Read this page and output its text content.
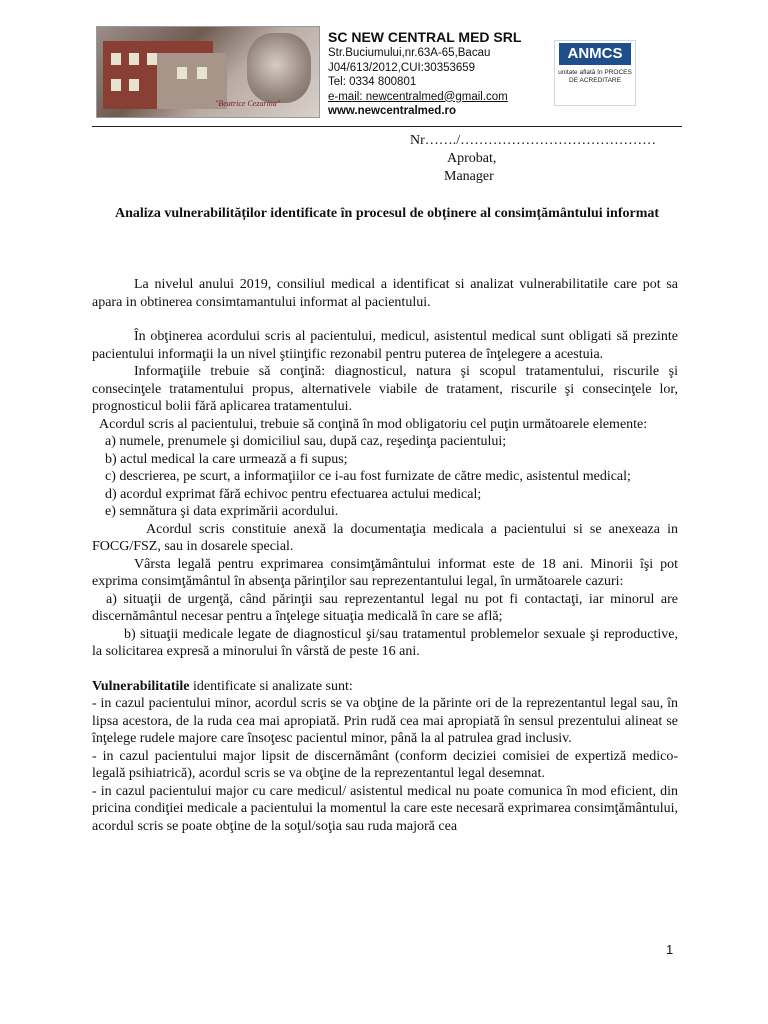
"Beatrice Cezarina"
SC NEW CENTRAL MED SRL
Str.Buciumului,nr.63A-65,Bacau
J04/613/2012,CUI:30353659
Tel: 0334 800801
e-mail: newcentralmed@gmail.com
www.newcentralmed.ro
ANMCS
unitate aflată în PROCES DE ACREDITARE
Nr……./……………………………………
Aprobat,
Manager
Analiza vulnerabilităților identificate în procesul de obținere al consimțământului informat

La nivelul anului 2019, consiliul medical a identificat si analizat vulnerabilitatile care pot sa apara in obtinerea consimtamantului informat al pacientului.

În obţinerea acordului scris al pacientului, medicul, asistentul medical sunt obligati să prezinte pacientului informaţii la un nivel ştiinţific rezonabil pentru puterea de înţelegere a acestuia.

Informaţiile trebuie să conţină: diagnosticul, natura şi scopul tratamentului, riscurile şi consecinţele tratamentului propus, alternativele viabile de tratament, riscurile şi consecinţele lor, prognosticul bolii fără aplicarea tratamentului.

Acordul scris al pacientului, trebuie să conţină în mod obligatoriu cel puţin următoarele elemente:

a) numele, prenumele şi domiciliul sau, după caz, reşedinţa pacientului;

b) actul medical la care urmează a fi supus;

c) descrierea, pe scurt, a informaţiilor ce i-au fost furnizate de către medic, asistentul medical;

d) acordul exprimat fără echivoc pentru efectuarea actului medical;

e) semnătura şi data exprimării acordului.

Acordul scris constituie anexă la documentaţia medicala a pacientului si se anexeaza in FOCG/FSZ, sau in dosarele special.

Vârsta legală pentru exprimarea consimţământului informat este de 18 ani. Minorii îşi pot exprima consimţământul în absenţa părinţilor sau reprezentantului legal, în următoarele cazuri:

a) situaţii de urgenţă, când părinţii sau reprezentantul legal nu pot fi contactaţi, iar minorul are discernământul necesar pentru a înţelege situaţia medicală în care se află;

b) situaţii medicale legate de diagnosticul şi/sau tratamentul problemelor sexuale şi reproductive, la solicitarea expresă a minorului în vârstă de peste 16 ani.

Vulnerabilitatile identificate si analizate sunt:

- in cazul pacientului minor, acordul scris se va obţine de la părinte ori de la reprezentantul legal sau, în lipsa acestora, de la ruda cea mai apropiată. Prin rudă cea mai apropiată în sensul prezentului alineat se înţelege rudele majore care însoţesc pacientul minor, până la al patrulea grad inclusiv.

- in cazul pacientului major lipsit de discernământ (conform deciziei comisiei de expertiză medico-legală psihiatrică), acordul scris se va obţine de la reprezentantul legal desemnat.

- in cazul pacientului major cu care medicul/ asistentul medical nu poate comunica în mod eficient, din pricina condiţiei medicale a pacientului la momentul la care este necesară exprimarea consimţământului, acordul scris se poate obţine de la soţul/soţia sau ruda majoră cea

1
